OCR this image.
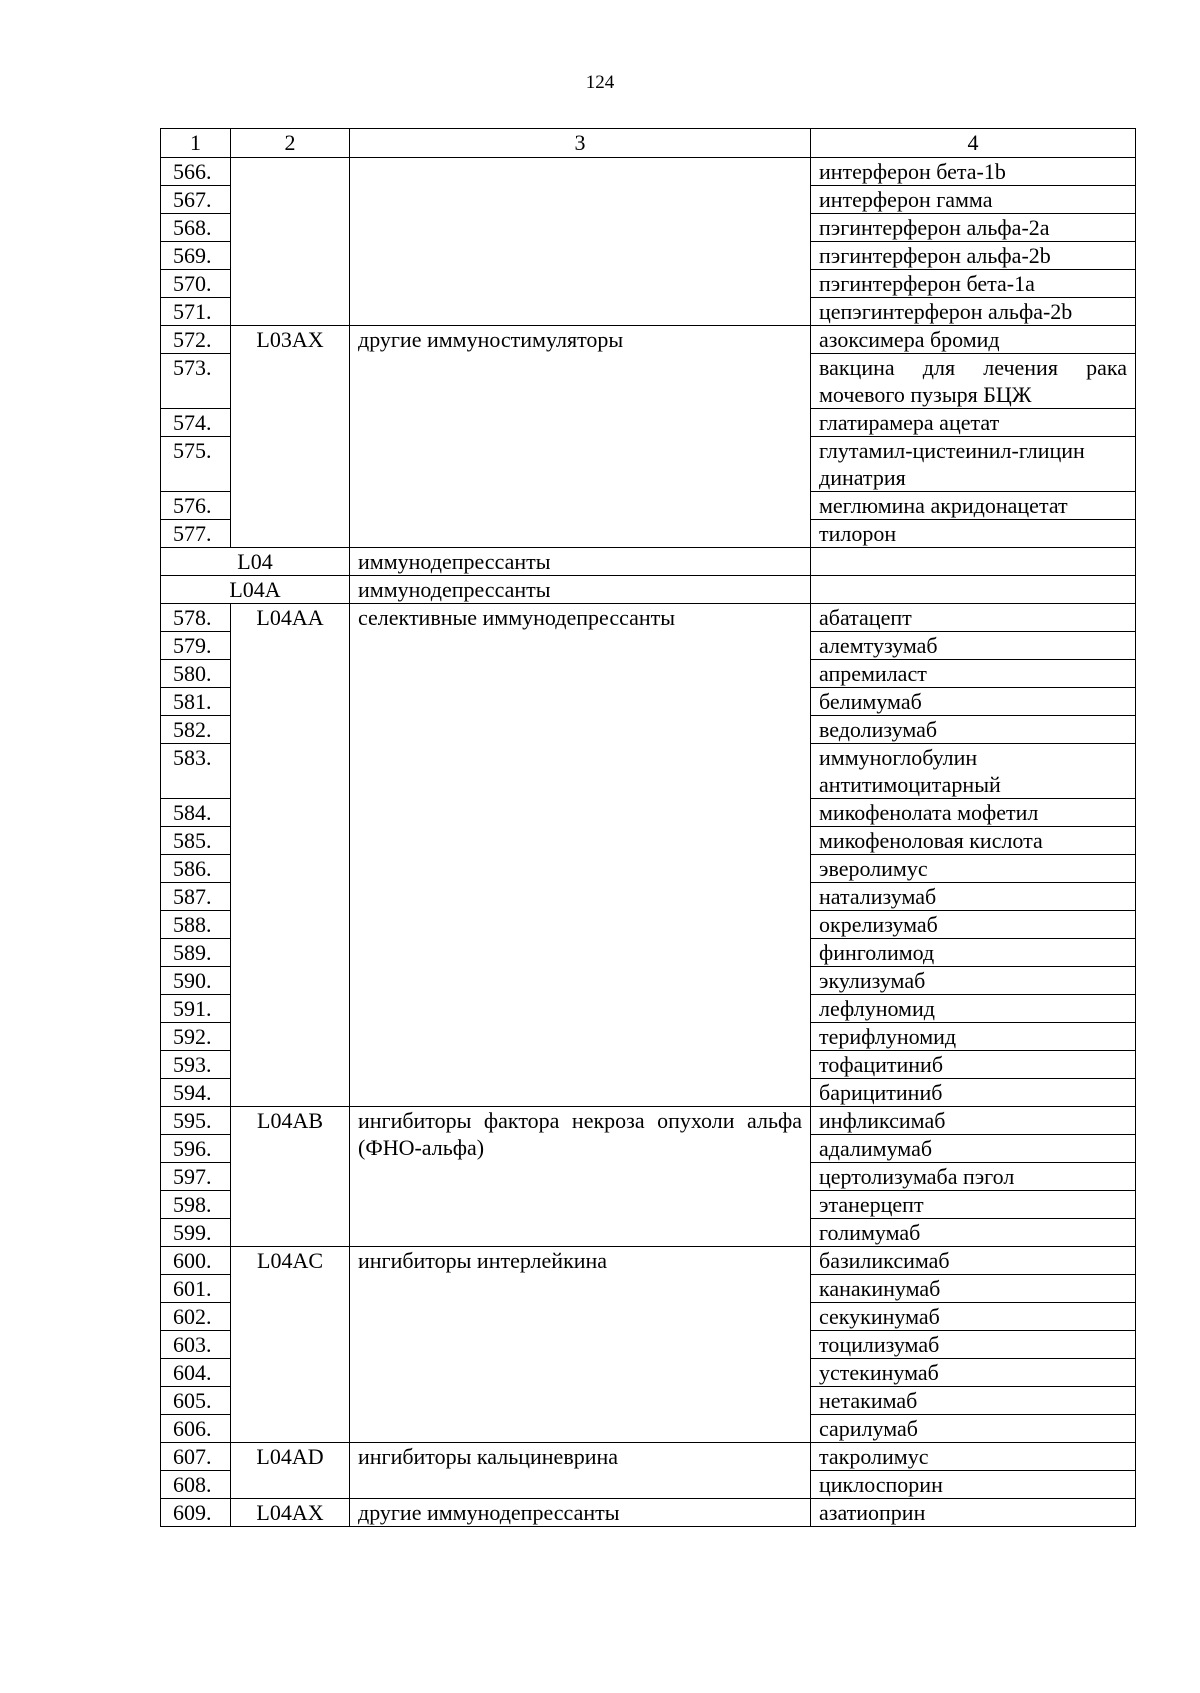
124
1	2	3	4
566.			интерферон бета-1b
567.			интерферон гамма
568.			пэгинтерферон альфа-2a
569.			пэгинтерферон альфа-2b
570.			пэгинтерферон бета-1a
571.			цепэгинтерферон альфа-2b
572.	L03AX	другие иммуностимуляторы	азоксимера бромид
573.			вакцина для лечения рака мочевого пузыря БЦЖ
574.			глатирамера ацетат
575.			глутамил-цистеинил-глицин динатрия
576.			меглюмина акридонацетат
577.			тилорон
L04		иммунодепрессанты	
L04A		иммунодепрессанты	
578.	L04AA	селективные иммунодепрессанты	абатацепт
579.			алемтузумаб
580.			апремиласт
581.			белимумаб
582.			ведолизумаб
583.			иммуноглобулин антитимоцитарный
584.			микофенолата мофетил
585.			микофеноловая кислота
586.			эверолимус
587.			натализумаб
588.			окрелизумаб
589.			финголимод
590.			экулизумаб
591.			лефлуномид
592.			терифлуномид
593.			тофацитиниб
594.			барицитиниб
595.	L04AB	ингибиторы фактора некроза опухоли альфа (ФНО-альфа)	инфликсимаб
596.			адалимумаб
597.			цертолизумаба пэгол
598.			этанерцепт
599.			голимумаб
600.	L04AC	ингибиторы интерлейкина	базиликсимаб
601.			канакинумаб
602.			секукинумаб
603.			тоцилизумаб
604.			устекинумаб
605.			нетакимаб
606.			сарилумаб
607.	L04AD	ингибиторы кальциневрина	такролимус
608.			циклоспорин
609.	L04AX	другие иммунодепрессанты	азатиоприн
